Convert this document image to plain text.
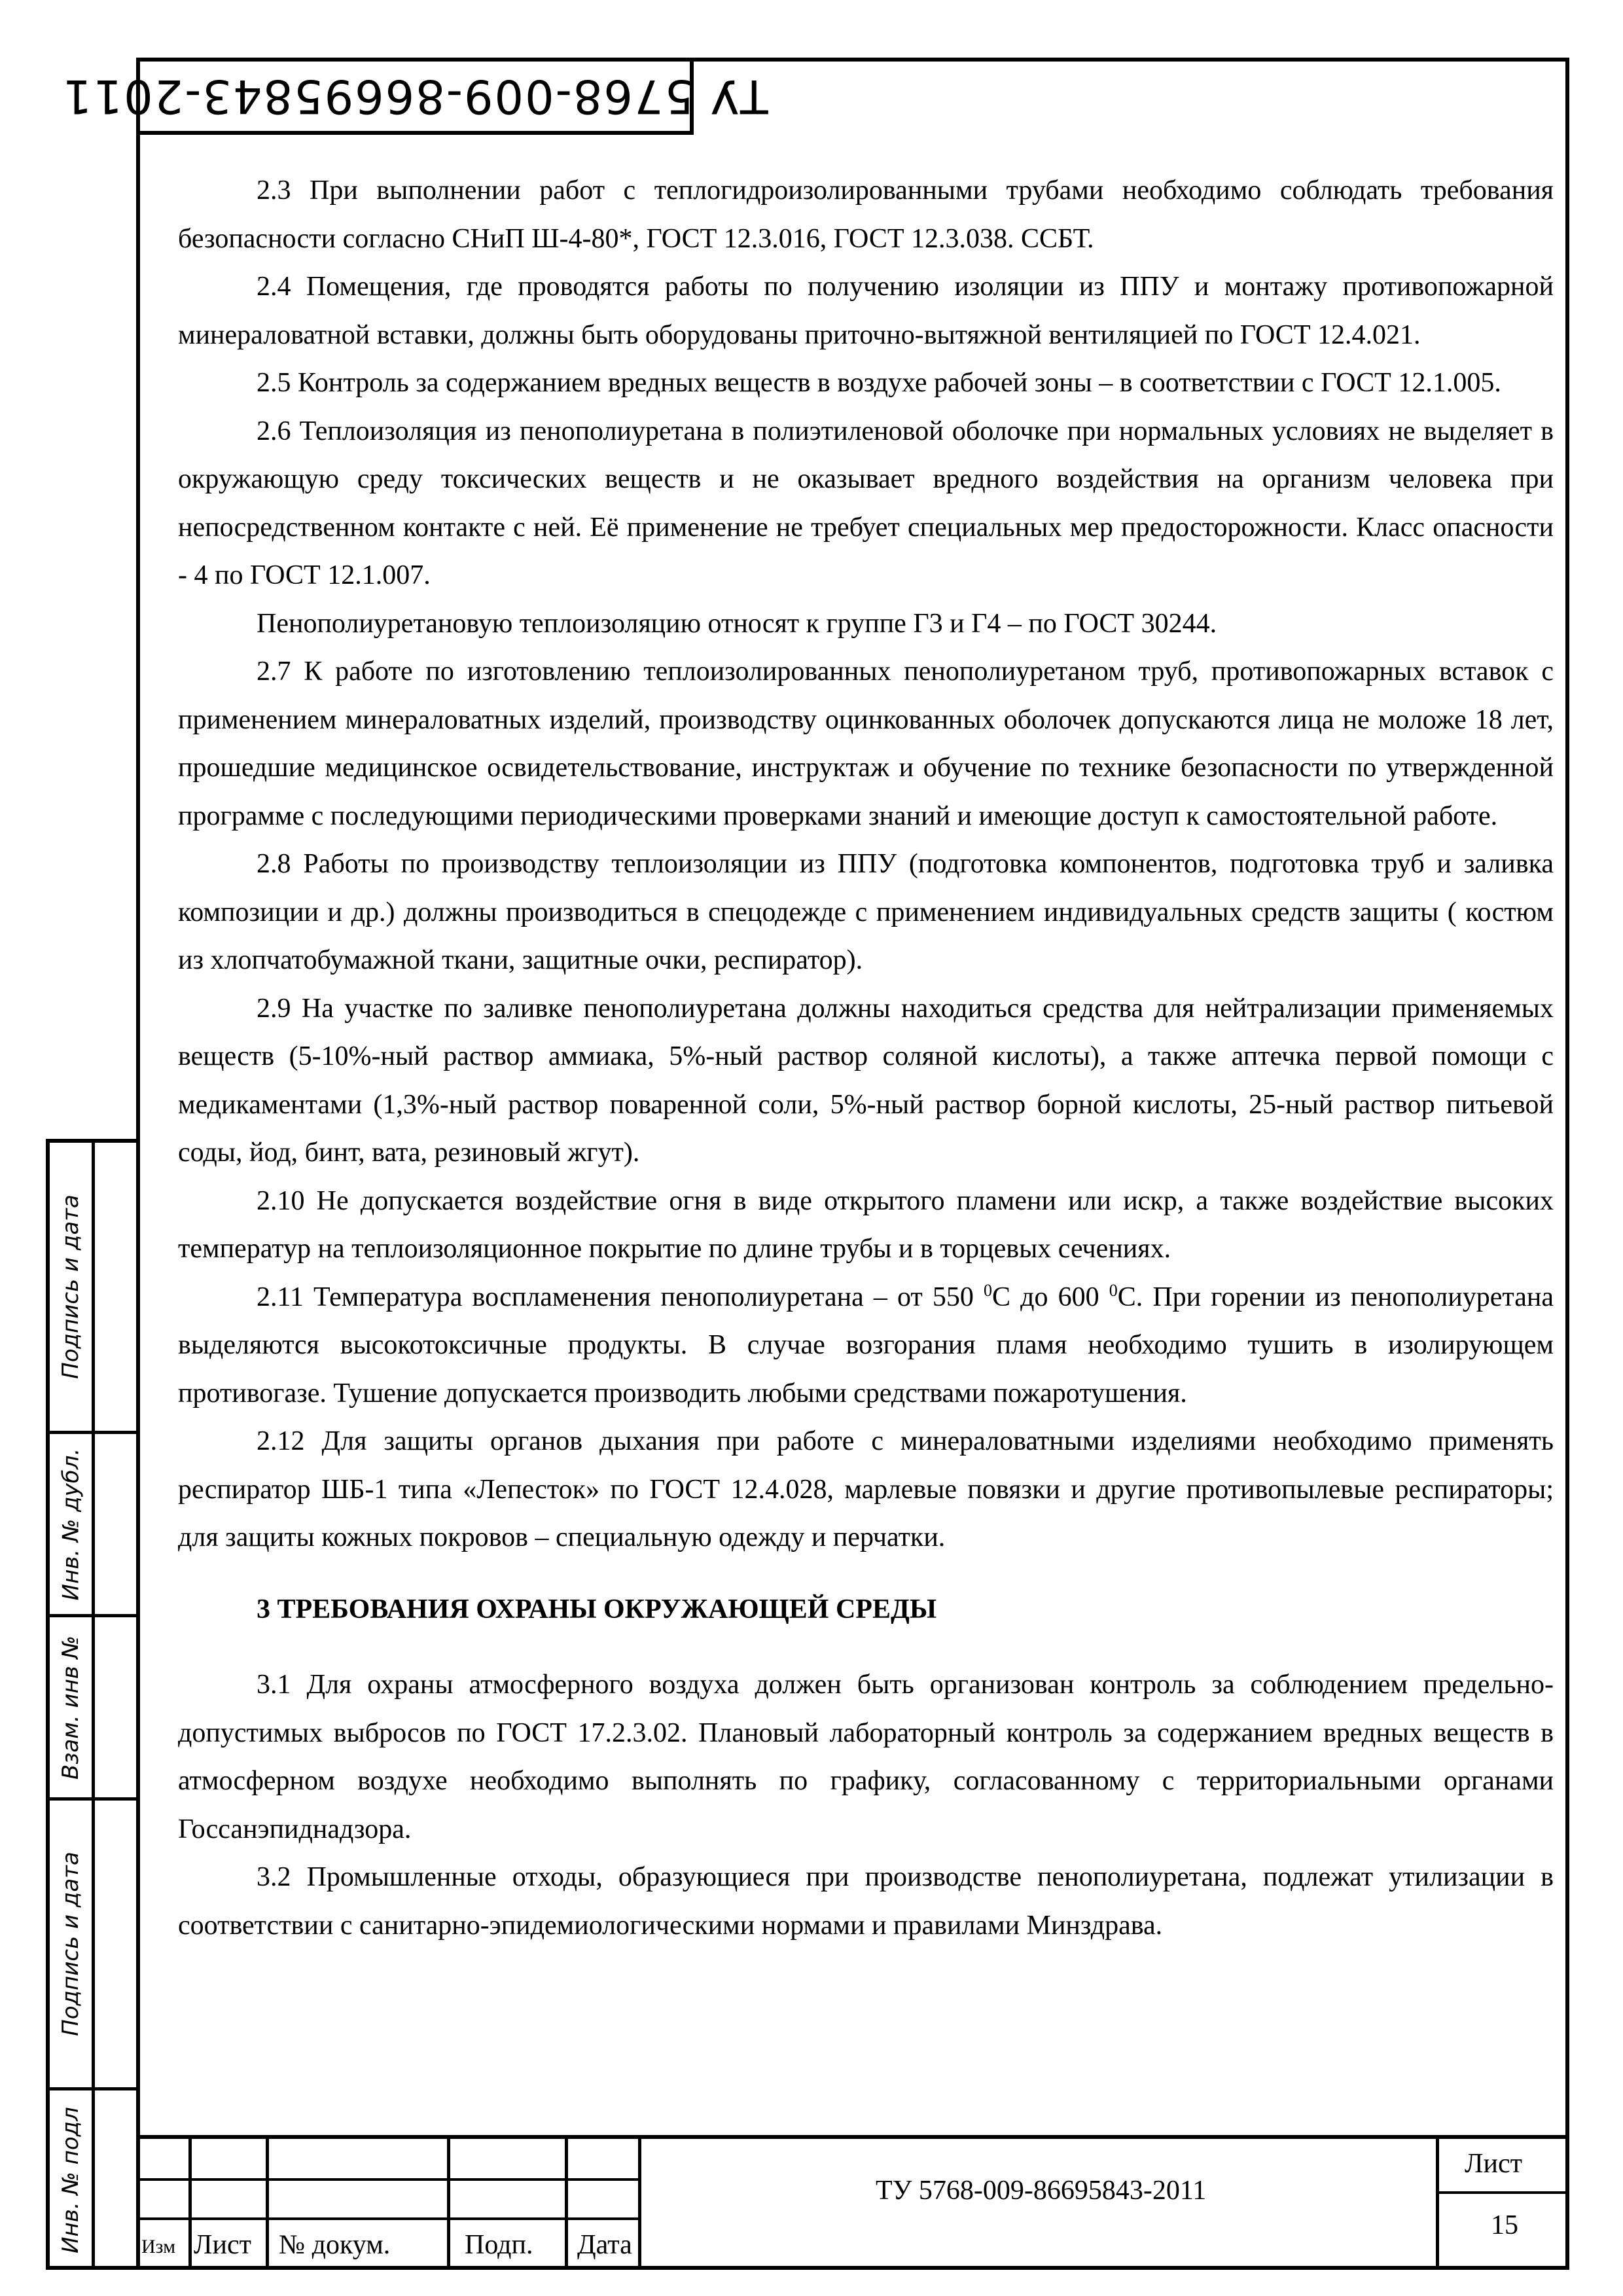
ТУ 5768-009-86695843-2011

2.3 При выполнении работ с теплогидроизолированными трубами необходимо соблюдать требования безопасности согласно СНиП Ш-4-80*, ГОСТ 12.3.016, ГОСТ 12.3.038. ССБТ.

2.4 Помещения, где проводятся работы по получению изоляции из ППУ и монтажу противопожарной минераловатной вставки, должны быть оборудованы приточно-вытяжной вентиляцией по ГОСТ 12.4.021.

2.5 Контроль за содержанием вредных веществ в воздухе рабочей зоны – в соответствии с ГОСТ 12.1.005.

2.6 Теплоизоляция из пенополиуретана в полиэтиленовой оболочке при нормальных условиях не выделяет в окружающую среду токсических веществ и не оказывает вредного воздействия на организм человека при непосредственном контакте с ней. Её применение не требует специальных мер предосторожности. Класс опасности - 4 по ГОСТ 12.1.007.

Пенополиуретановую теплоизоляцию относят к группе Г3 и Г4 – по ГОСТ 30244.

2.7 К работе по изготовлению теплоизолированных пенополиуретаном труб, противопожарных вставок с применением минераловатных изделий, производству оцинкованных оболочек допускаются лица не моложе 18 лет, прошедшие медицинское освидетельствование, инструктаж и обучение по технике безопасности по утвержденной программе с последующими периодическими проверками знаний и имеющие доступ к самостоятельной работе.

2.8 Работы по производству теплоизоляции из ППУ (подготовка компонентов, подготовка труб и заливка композиции и др.) должны производиться в спецодежде с применением индивидуальных средств защиты ( костюм из хлопчатобумажной ткани, защитные очки, респиратор).

2.9 На участке по заливке пенополиуретана должны находиться средства для нейтрализации применяемых веществ (5-10%-ный раствор аммиака, 5%-ный раствор соляной кислоты), а также аптечка первой помощи с медикаментами (1,3%-ный раствор поваренной соли, 5%-ный раствор борной кислоты, 25-ный раствор питьевой соды, йод, бинт, вата, резиновый жгут).

2.10 Не допускается воздействие огня в виде открытого пламени или искр, а также воздействие высоких температур на теплоизоляционное покрытие по длине трубы и в торцевых сечениях.

2.11 Температура воспламенения пенополиуретана – от 550 $^0$С до 600 $^0$С. При горении из пенополиуретана выделяются высокотоксичные продукты. В случае возгорания пламя необходимо тушить в изолирующем противогазе. Тушение допускается производить любыми средствами пожаротушения.

2.12 Для защиты органов дыхания при работе с минераловатными изделиями необходимо применять респиратор ШБ-1 типа «Лепесток» по ГОСТ 12.4.028, марлевые повязки и другие противопылевые респираторы; для защиты кожных покровов – специальную одежду и перчатки.

3 ТРЕБОВАНИЯ ОХРАНЫ ОКРУЖАЮЩЕЙ СРЕДЫ

3.1 Для охраны атмосферного воздуха должен быть организован контроль за соблюдением предельно-допустимых выбросов по ГОСТ 17.2.3.02. Плановый лабораторный контроль за содержанием вредных веществ в атмосферном воздухе необходимо выполнять по графику, согласованному с территориальными органами Госсанэпиднадзора.

3.2 Промышленные отходы, образующиеся при производстве пенополиуретана, подлежат утилизации в соответствии с санитарно-эпидемиологическими нормами и правилами Минздрава.

Подпись и дата
Инв. № дубл.
Взам. инв №
Подпись и дата
Инв. № подл	Изм Лист № докум.	Подп. Дата
ТУ 5768-009-86695843-2011
Лист
15
